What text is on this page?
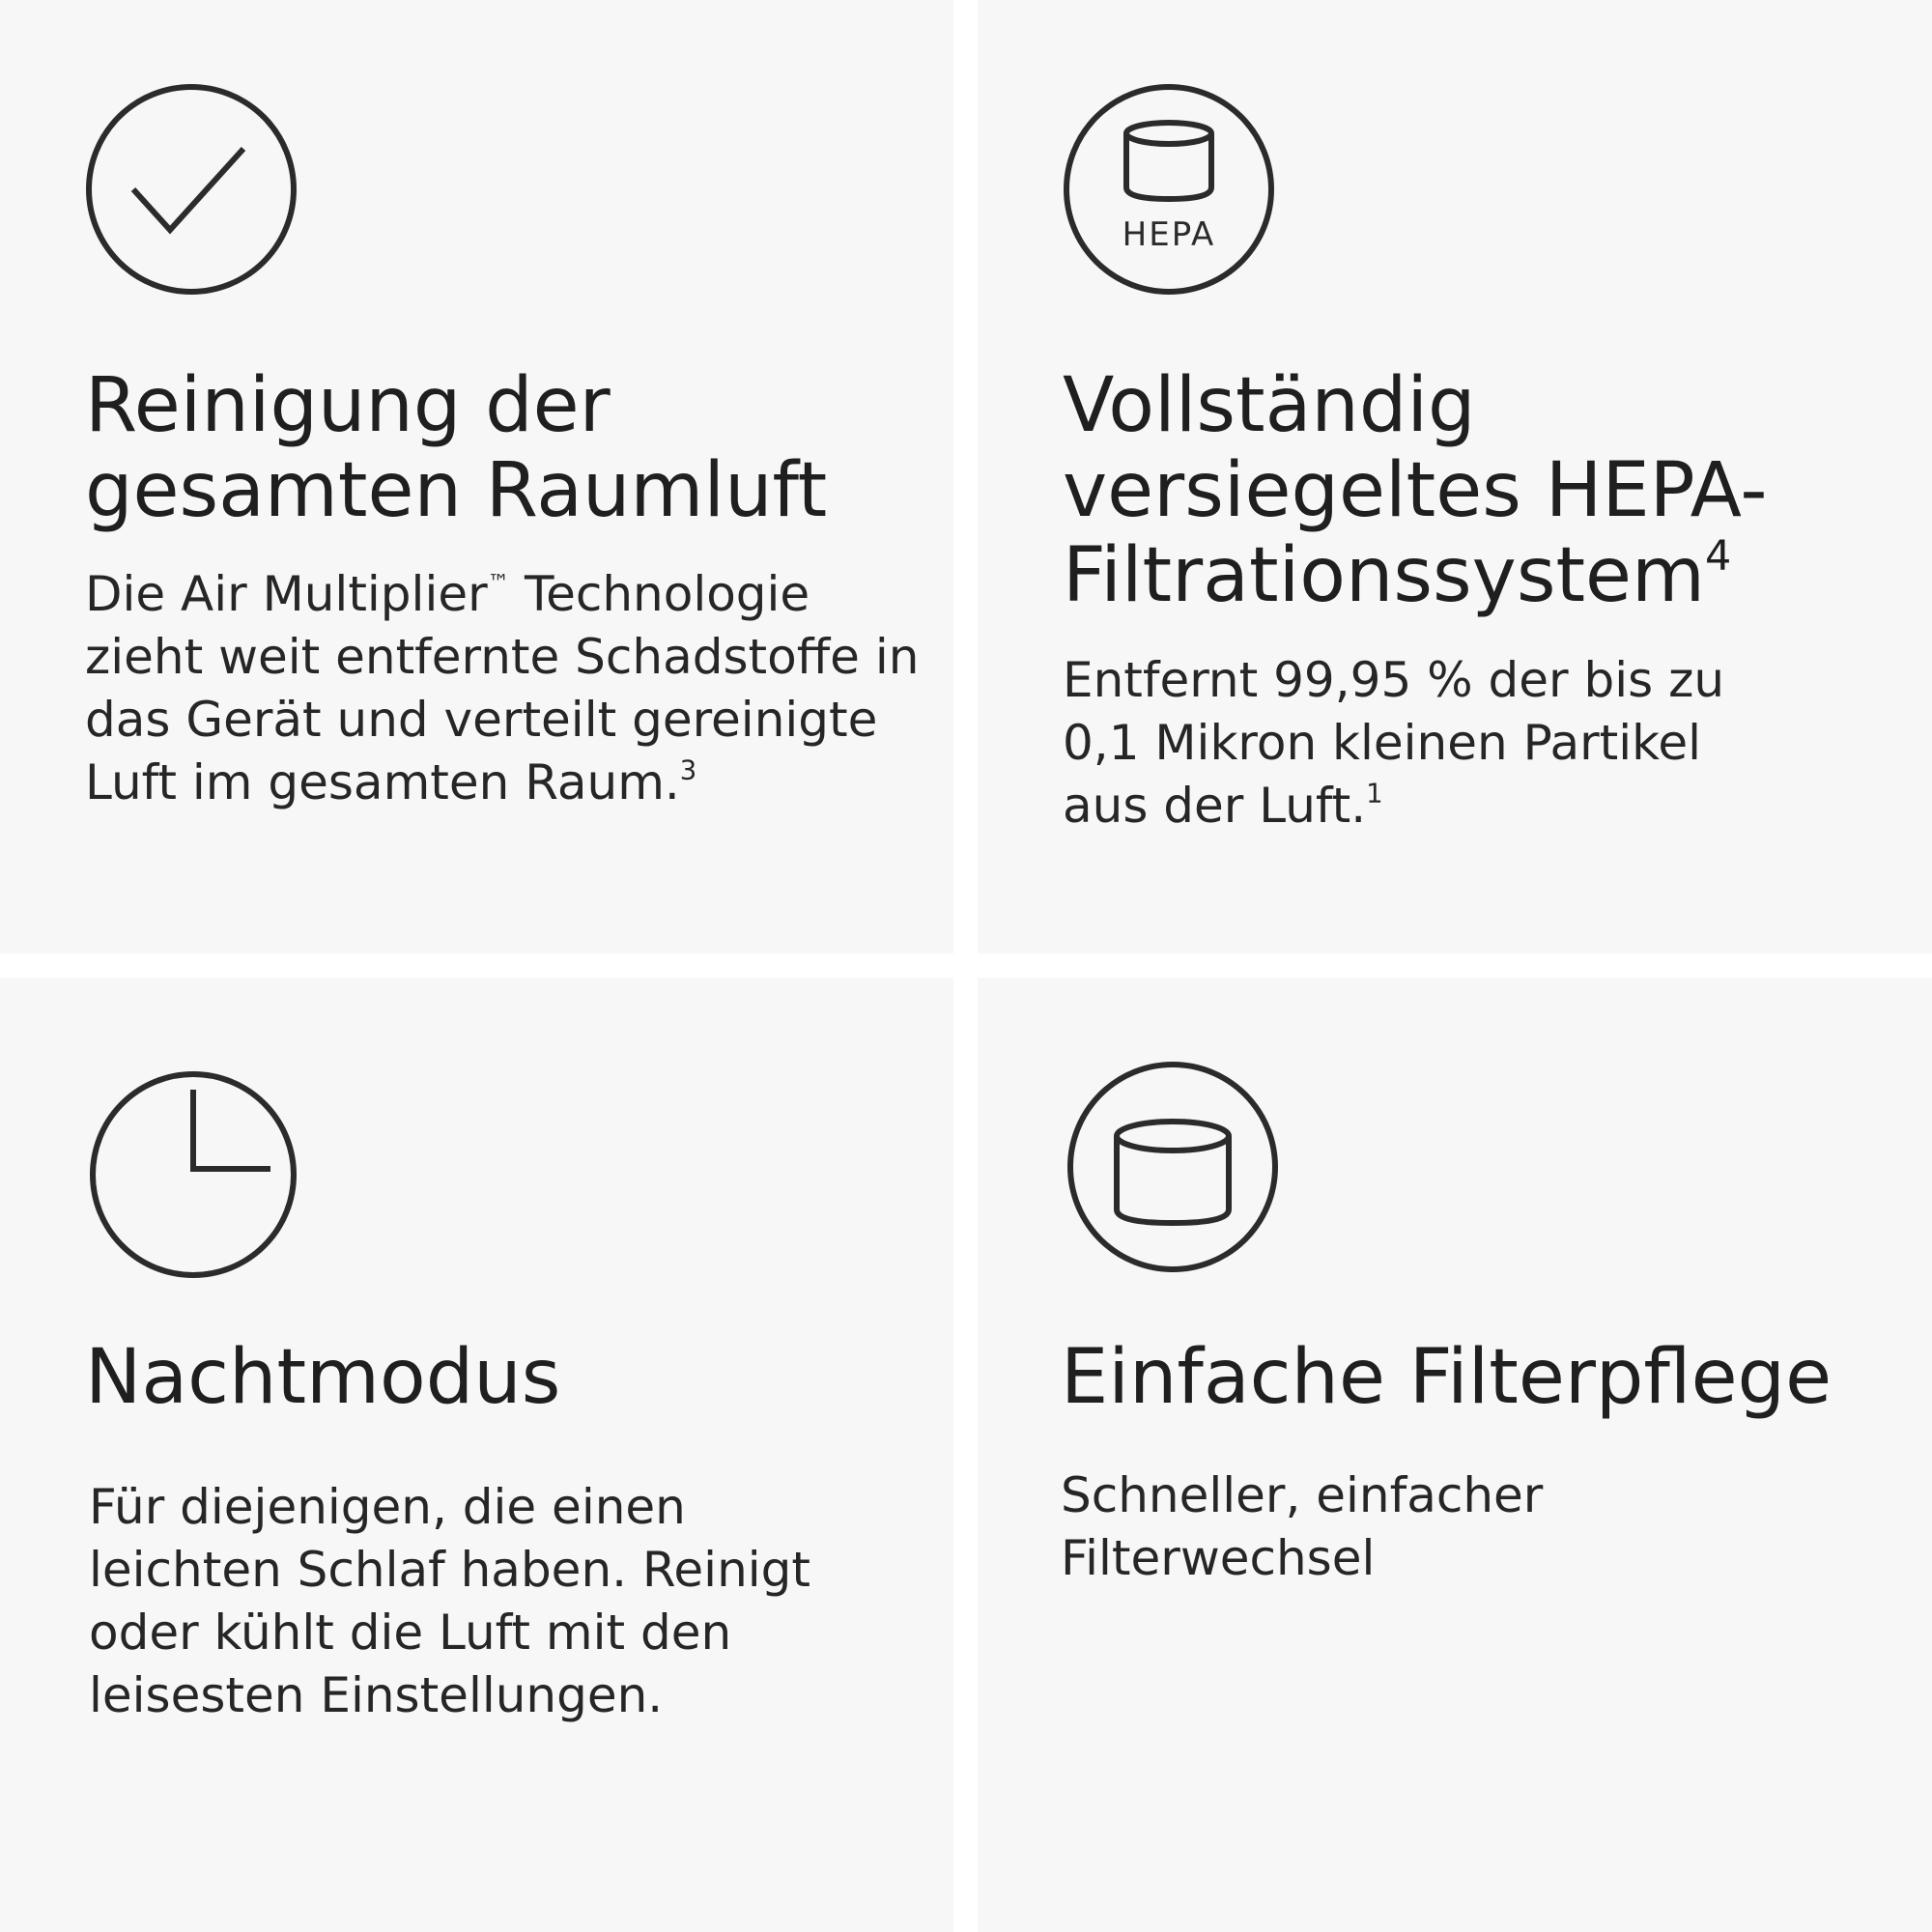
Reinigung der gesamten Raumluft

Die Air Multiplier™ Technologie zieht weit entfernte Schadstoffe in das Gerät und verteilt gereinigte Luft im gesamten Raum.$^3$

HEPA
Vollständig versiegeltes HEPA-Filtrationssystem$^4$

Entfernt 99,95 % der bis zu 0,1 Mikron kleinen Partikel aus der Luft.$^1$

Nachtmodus

Für diejenigen, die einen leichten Schlaf haben. Reinigt oder kühlt die Luft mit den leisesten Einstellungen.

Einfache Filterpflege

Schneller, einfacher Filterwechsel
